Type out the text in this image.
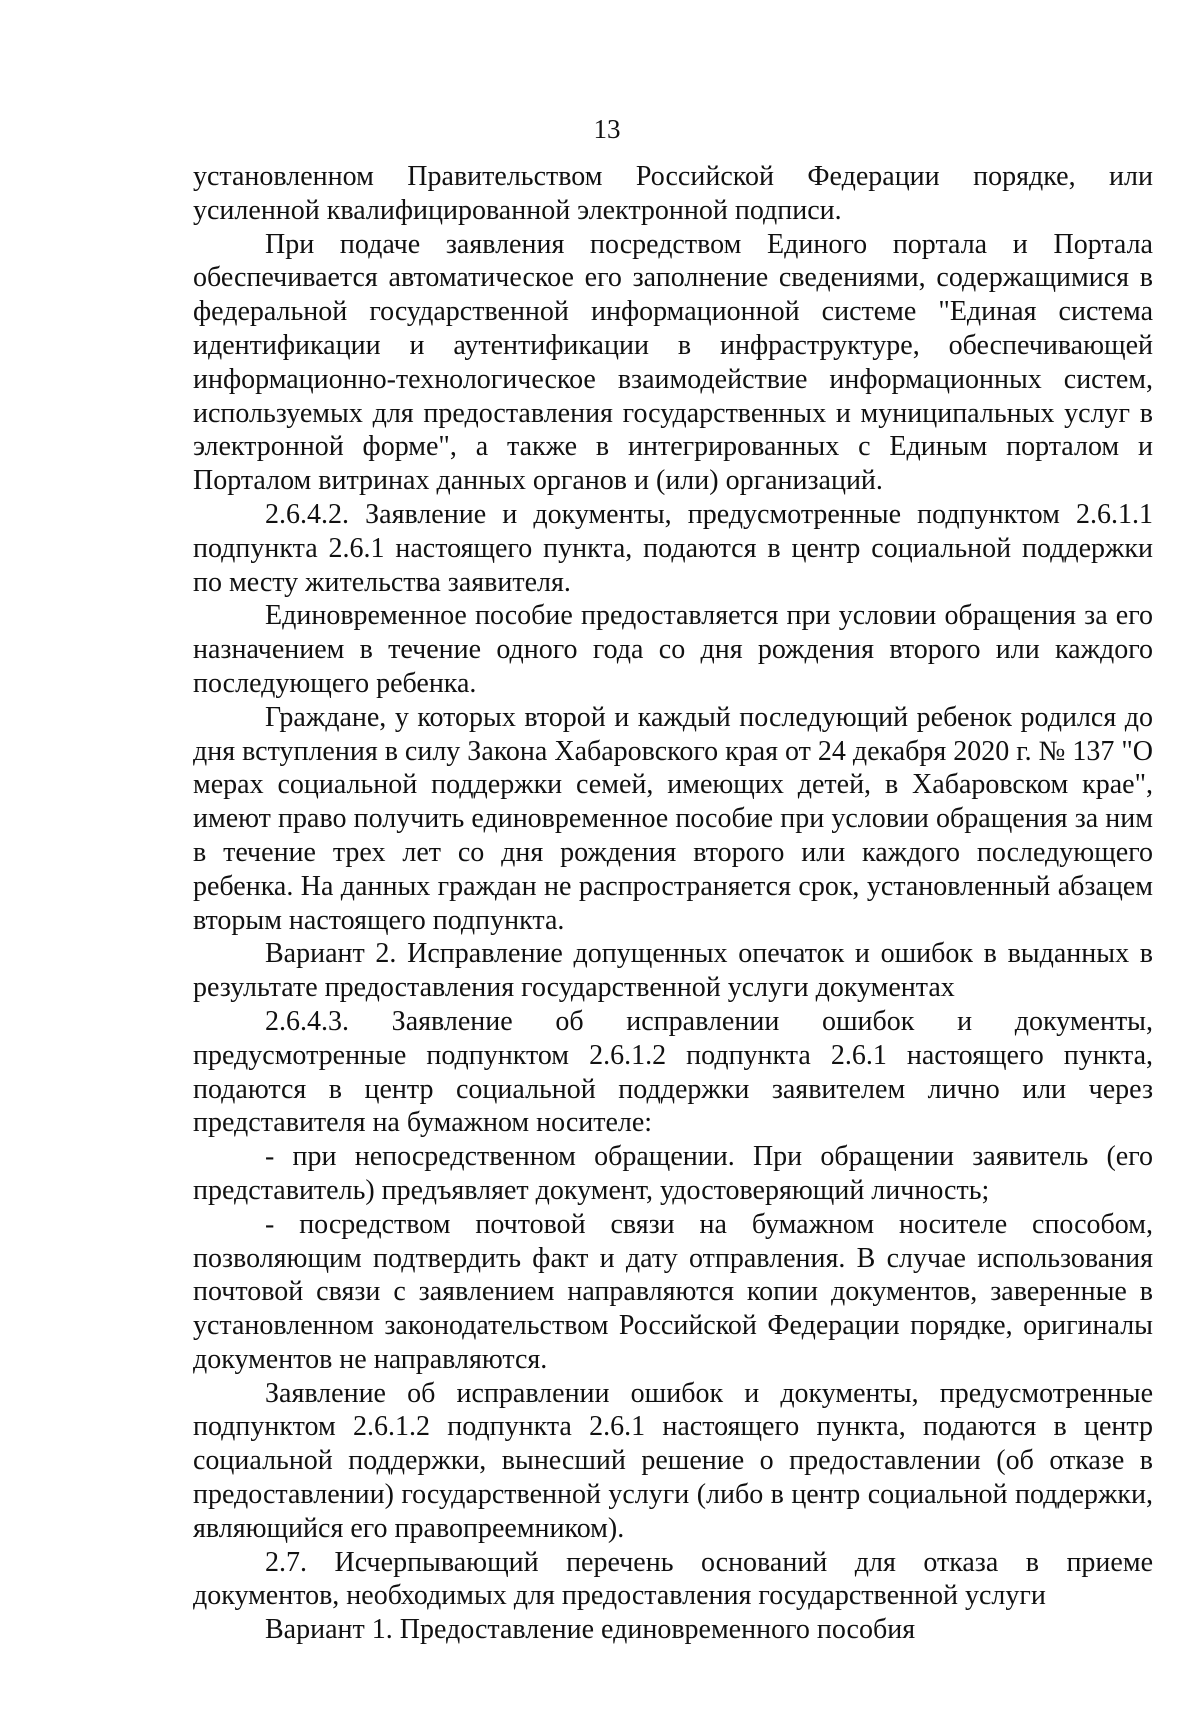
13

установленном Правительством Российской Федерации порядке, или усиленной квалифицированной электронной подписи.

При подаче заявления посредством Единого портала и Портала обеспечивается автоматическое его заполнение сведениями, содержащимися в федеральной государственной информационной системе "Единая система идентификации и аутентификации в инфраструктуре, обеспечивающей информационно-технологическое взаимодействие информационных систем, используемых для предоставления государственных и муниципальных услуг в электронной форме", а также в интегрированных с Единым порталом и Порталом витринах данных органов и (или) организаций.

2.6.4.2. Заявление и документы, предусмотренные подпунктом 2.6.1.1 подпункта 2.6.1 настоящего пункта, подаются в центр социальной поддержки по месту жительства заявителя.

Единовременное пособие предоставляется при условии обращения за его назначением в течение одного года со дня рождения второго или каждого последующего ребенка.

Граждане, у которых второй и каждый последующий ребенок родился до дня вступления в силу Закона Хабаровского края от 24 декабря 2020 г. № 137 "О мерах социальной поддержки семей, имеющих детей, в Хабаровском крае", имеют право получить единовременное пособие при условии обращения за ним в течение трех лет со дня рождения второго или каждого последующего ребенка. На данных граждан не распространяется срок, установленный абзацем вторым настоящего подпункта.

Вариант 2. Исправление допущенных опечаток и ошибок в выданных в результате предоставления государственной услуги документах

2.6.4.3. Заявление об исправлении ошибок и документы, предусмотренные подпунктом 2.6.1.2 подпункта 2.6.1 настоящего пункта, подаются в центр социальной поддержки заявителем лично или через представителя на бумажном носителе:

- при непосредственном обращении. При обращении заявитель (его представитель) предъявляет документ, удостоверяющий личность;

- посредством почтовой связи на бумажном носителе способом, позволяющим подтвердить факт и дату отправления. В случае использования почтовой связи с заявлением направляются копии документов, заверенные в установленном законодательством Российской Федерации порядке, оригиналы документов не направляются.

Заявление об исправлении ошибок и документы, предусмотренные подпунктом 2.6.1.2 подпункта 2.6.1 настоящего пункта, подаются в центр социальной поддержки, вынесший решение о предоставлении (об отказе в предоставлении) государственной услуги (либо в центр социальной поддержки, являющийся его правопреемником).

2.7. Исчерпывающий перечень оснований для отказа в приеме документов, необходимых для предоставления государственной услуги

Вариант 1. Предоставление единовременного пособия
